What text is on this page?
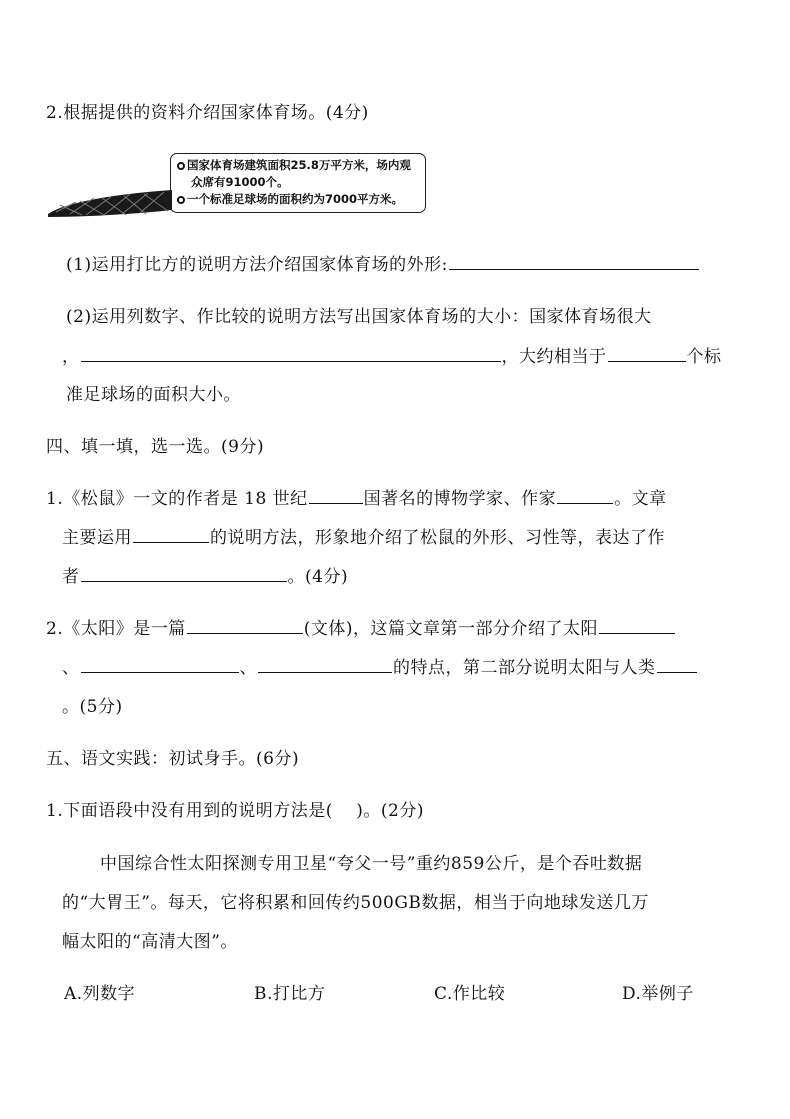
2.根据提供的资料介绍国家体育场。(4分)
国家体育场建筑面积25.8万平方米，场内观
众席有91000个。
一个标准足球场的面积约为7000平方米。
(1)运用打比方的说明方法介绍国家体育场的外形:
(2)运用列数字、作比较的说明方法写出国家体育场的大小：国家体育场很大
，	，大约相当于	个标
准足球场的面积大小。
四、填一填，选一选。(9分)
1.《松鼠》一文的作者是 18 世纪	国著名的博物学家、作家	。文章
主要运用	的说明方法，形象地介绍了松鼠的外形、习性等，表达了作
者	。(4分)
2.《太阳》是一篇	(文体)，这篇文章第一部分介绍了太阳
、	、	的特点，第二部分说明太阳与人类
。(5分)
五、语文实践：初试身手。(6分)
1.下面语段中没有用到的说明方法是(　 )。(2分)
中国综合性太阳探测专用卫星“夸父一号”重约859公斤，是个吞吐数据
的“大胃王”。每天，它将积累和回传约500GB数据，相当于向地球发送几万
幅太阳的“高清大图”。
A.列数字	B.打比方	C.作比较	D.举例子
